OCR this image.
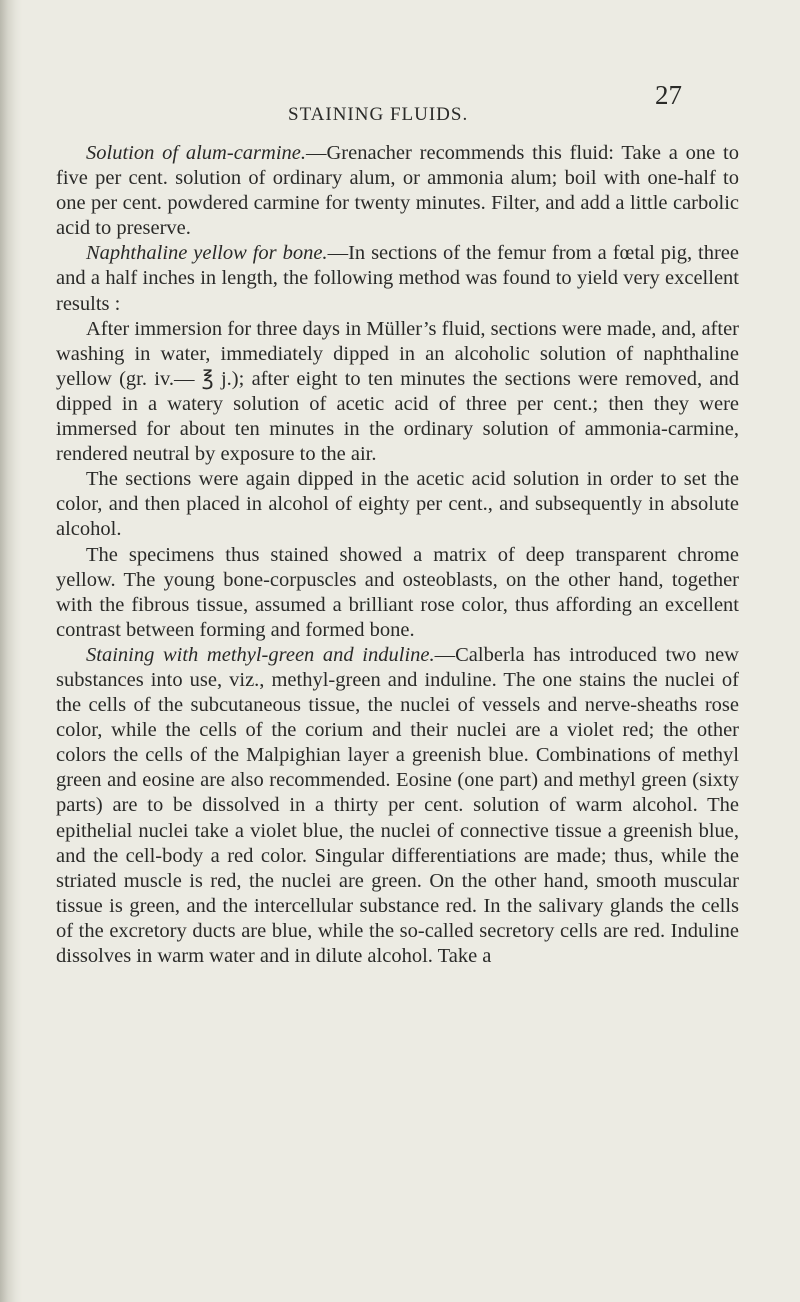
STAINING FLUIDS.
27

Solution of alum-carmine.—Grenacher recommends this fluid: Take a one to five per cent. solution of ordinary alum, or ammonia alum; boil with one-half to one per cent. powdered carmine for twenty minutes. Filter, and add a little carbolic acid to preserve.

Naphthaline yellow for bone.—In sections of the femur from a fœtal pig, three and a half inches in length, the following method was found to yield very excellent results :

After immersion for three days in Müller’s fluid, sections were made, and, after washing in water, immediately dipped in an alcoholic solution of naphthaline yellow (gr. iv.— ℥ j.); after eight to ten minutes the sections were removed, and dipped in a watery solution of acetic acid of three per cent.; then they were immersed for about ten minutes in the ordinary solution of ammonia-carmine, rendered neutral by exposure to the air.

The sections were again dipped in the acetic acid solution in order to set the color, and then placed in alcohol of eighty per cent., and subsequently in absolute alcohol.

The specimens thus stained showed a matrix of deep transparent chrome yellow. The young bone-corpuscles and osteoblasts, on the other hand, together with the fibrous tissue, assumed a brilliant rose color, thus affording an excellent contrast between forming and formed bone.

Staining with methyl-green and induline.—Calberla has introduced two new substances into use, viz., methyl-green and induline. The one stains the nuclei of the cells of the subcutaneous tissue, the nuclei of vessels and nerve-sheaths rose color, while the cells of the corium and their nuclei are a violet red; the other colors the cells of the Malpighian layer a greenish blue. Combinations of methyl green and eosine are also recommended. Eosine (one part) and methyl green (sixty parts) are to be dissolved in a thirty per cent. solution of warm alcohol. The epithelial nuclei take a violet blue, the nuclei of connective tissue a greenish blue, and the cell-body a red color. Singular differentiations are made; thus, while the striated muscle is red, the nuclei are green. On the other hand, smooth muscular tissue is green, and the intercellular substance red. In the salivary glands the cells of the excretory ducts are blue, while the so-called secretory cells are red. Induline dissolves in warm water and in dilute alcohol. Take a
